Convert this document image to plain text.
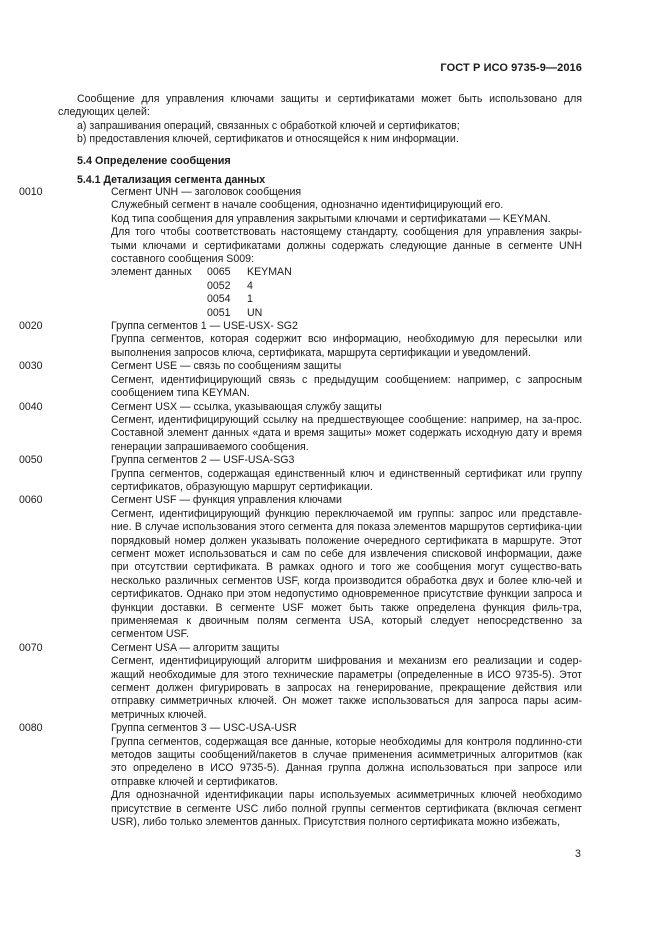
ГОСТ Р ИСО 9735-9—2016

Сообщение для управления ключами защиты и сертификатами может быть использовано для следующих целей:

a) запрашивания операций, связанных с обработкой ключей и сертификатов;

b) предоставления ключей, сертификатов и относящейся к ним информации.

5.4 Определение сообщения
5.4.1 Детализация сегмента данных
0010	Сегмент UNH — заголовок сообщения

Служебный сегмент в начале сообщения, однозначно идентифицирующий его.

Код типа сообщения для управления закрытыми ключами и сертификатами — KEYMAN.

Для того чтобы соответствовать настоящему стандарту, сообщения для управления закры-тыми ключами и сертификатами должны содержать следующие данные в сегменте UNH составного сообщения S009:

элемент данных	0065	KEYMAN
	0052	4
	0054	1
	0051	UN
0020	Группа сегментов 1 — USE-USX- SG2

Группа сегментов, которая содержит всю информацию, необходимую для пересылки или выполнения запросов ключа, сертификата, маршрута сертификации и уведомлений.

0030	Сегмент USE — связь по сообщениям защиты

Сегмент, идентифицирующий связь с предыдущим сообщением: например, с запросным сообщением типа KEYMAN.

0040	Сегмент USX — ссылка, указывающая службу защиты

Сегмент, идентифицирующий ссылку на предшествующее сообщение: например, на за-прос. Составной элемент данных «дата и время защиты» может содержать исходную дату и время генерации запрашиваемого сообщения.

0050	Группа сегментов 2 — USF-USA-SG3

Группа сегментов, содержащая единственный ключ и единственный сертификат или группу сертификатов, образующую маршрут сертификации.

0060	Сегмент USF — функция управления ключами

Сегмент, идентифицирующий функцию переключаемой им группы: запрос или представле-ние. В случае использования этого сегмента для показа элементов маршрутов сертифика-ции порядковый номер должен указывать положение очередного сертификата в маршруте. Этот сегмент может использоваться и сам по себе для извлечения списковой информации, даже при отсутствии сертификата. В рамках одного и того же сообщения могут существо-вать несколько различных сегментов USF, когда производится обработка двух и более клю-чей и сертификатов. Однако при этом недопустимо одновременное присутствие функции запроса и функции доставки. В сегменте USF может быть также определена функция филь-тра, применяемая к двоичным полям сегмента USA, который следует непосредственно за сегментом USF.

0070	Сегмент USA — алгоритм защиты

Сегмент, идентифицирующий алгоритм шифрования и механизм его реализации и содер-жащий необходимые для этого технические параметры (определенные в ИСО 9735-5). Этот сегмент должен фигурировать в запросах на генерирование, прекращение действия или отправку симметричных ключей. Он может также использоваться для запроса пары асим-метричных ключей.

0080	Группа сегментов 3 — USC-USA-USR

Группа сегментов, содержащая все данные, которые необходимы для контроля подлинно-сти методов защиты сообщений/пакетов в случае применения асимметричных алгоритмов (как это определено в ИСО 9735-5). Данная группа должна использоваться при запросе или отправке ключей и сертификатов.

Для однозначной идентификации пары используемых асимметричных ключей необходимо присутствие в сегменте USC либо полной группы сегментов сертификата (включая сегмент USR), либо только элементов данных. Присутствия полного сертификата можно избежать,

3
